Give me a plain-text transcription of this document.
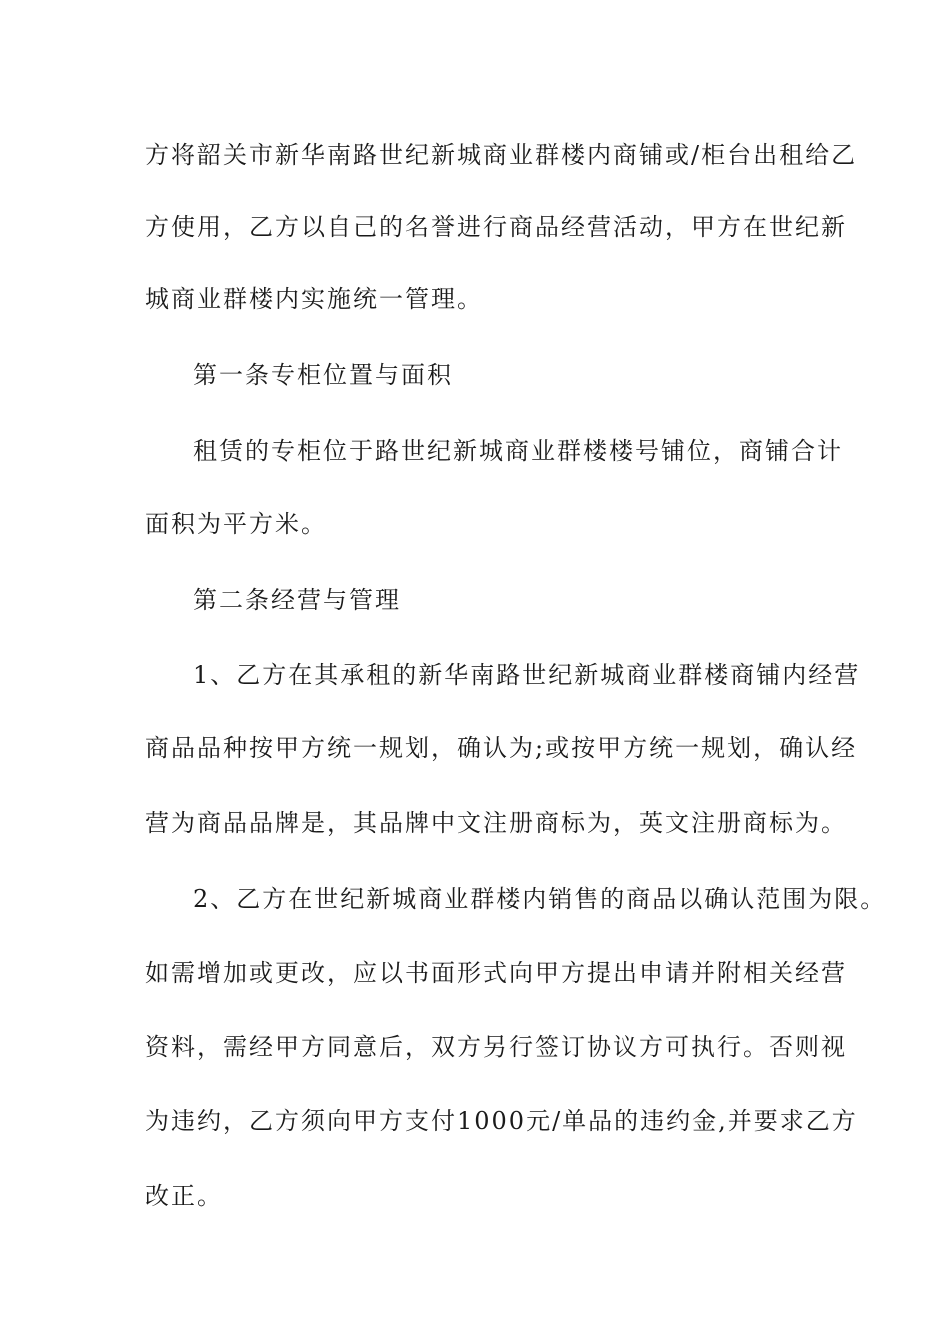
方将韶关市新华南路世纪新城商业群楼内商铺或/柜台出租给乙
方使用，乙方以自己的名誉进行商品经营活动，甲方在世纪新
城商业群楼内实施统一管理。
第一条专柜位置与面积
租赁的专柜位于路世纪新城商业群楼楼号铺位，商铺合计
面积为平方米。
第二条经营与管理
1、乙方在其承租的新华南路世纪新城商业群楼商铺内经营
商品品种按甲方统一规划，确认为;或按甲方统一规划，确认经
营为商品品牌是，其品牌中文注册商标为，英文注册商标为。
2、乙方在世纪新城商业群楼内销售的商品以确认范围为限。
如需增加或更改，应以书面形式向甲方提出申请并附相关经营
资料，需经甲方同意后，双方另行签订协议方可执行。否则视
为违约，乙方须向甲方支付1000元/单品的违约金,并要求乙方
改正。
